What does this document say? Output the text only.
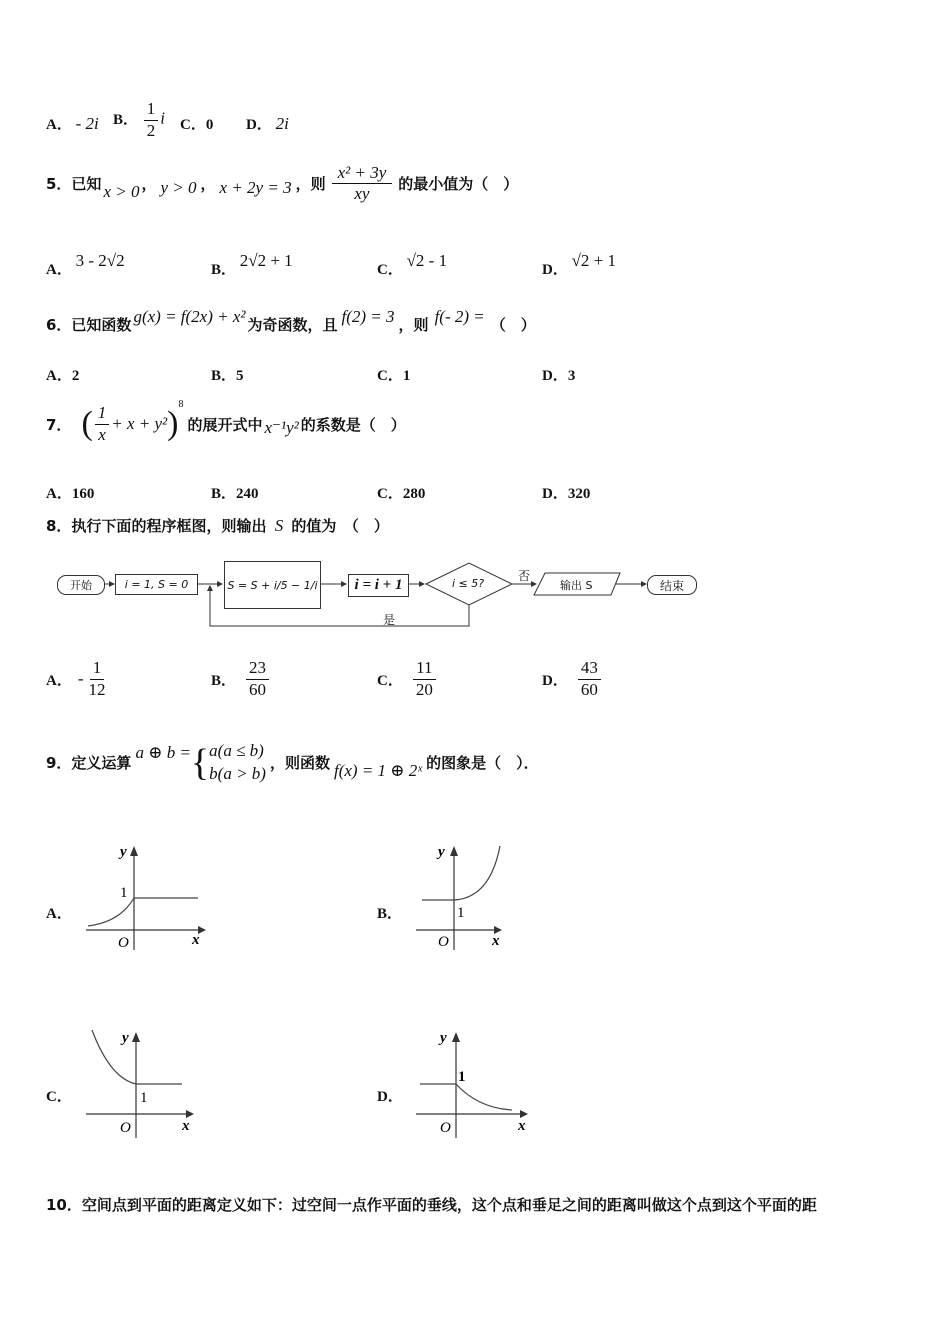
A． - 2i B． $\frac{1}{2}$ i C．0 D． 2i
5．已知 x > 0 ， y > 0 ， x + 2y = 3 ，则 $\frac{\text{x² + 3y}}{xy}$ 的最小值为（　）
A． 3 - 2√2	B． 2√2 + 1	C． √2 - 1	D． √2 + 1
6．已知函数 g(x) = f(2x) + x² 为奇函数，且 f(2) = 3 ，则 f(- 2) = （　）
A．2	B．5	C．1	D．3
7． ( $\frac{1}{x} + x + y^2$ )
8
的展开式中 x⁻¹y² 的系数是（　）
A．160	B．240	C．280	D．320
8．执行下面的程序框图，则输出 S 的值为　（　）
开始	i = 1, S = 0	S = S + i/5 − 1/i	i = i + 1	i ≤ 5?
否
输出 S	结束
是
A． - $\frac{1}{12}$	B． $\frac{23}{60}$	C． $\frac{11}{20}$	D． $\frac{43}{60}$
9．定义运算
a ⊕ b = { a(a ≤ b)
b(a > b)
，则函数 f(x) = 1 ⊕ 2ˣ 的图象是（　）．
A．
x
y
O
1
B．
x
y
O
1
C．
x
y
O
1	D．
x
y
O
1
10．空间点到平面的距离定义如下：过空间一点作平面的垂线，这个点和垂足之间的距离叫做这个点到这个平面的距
